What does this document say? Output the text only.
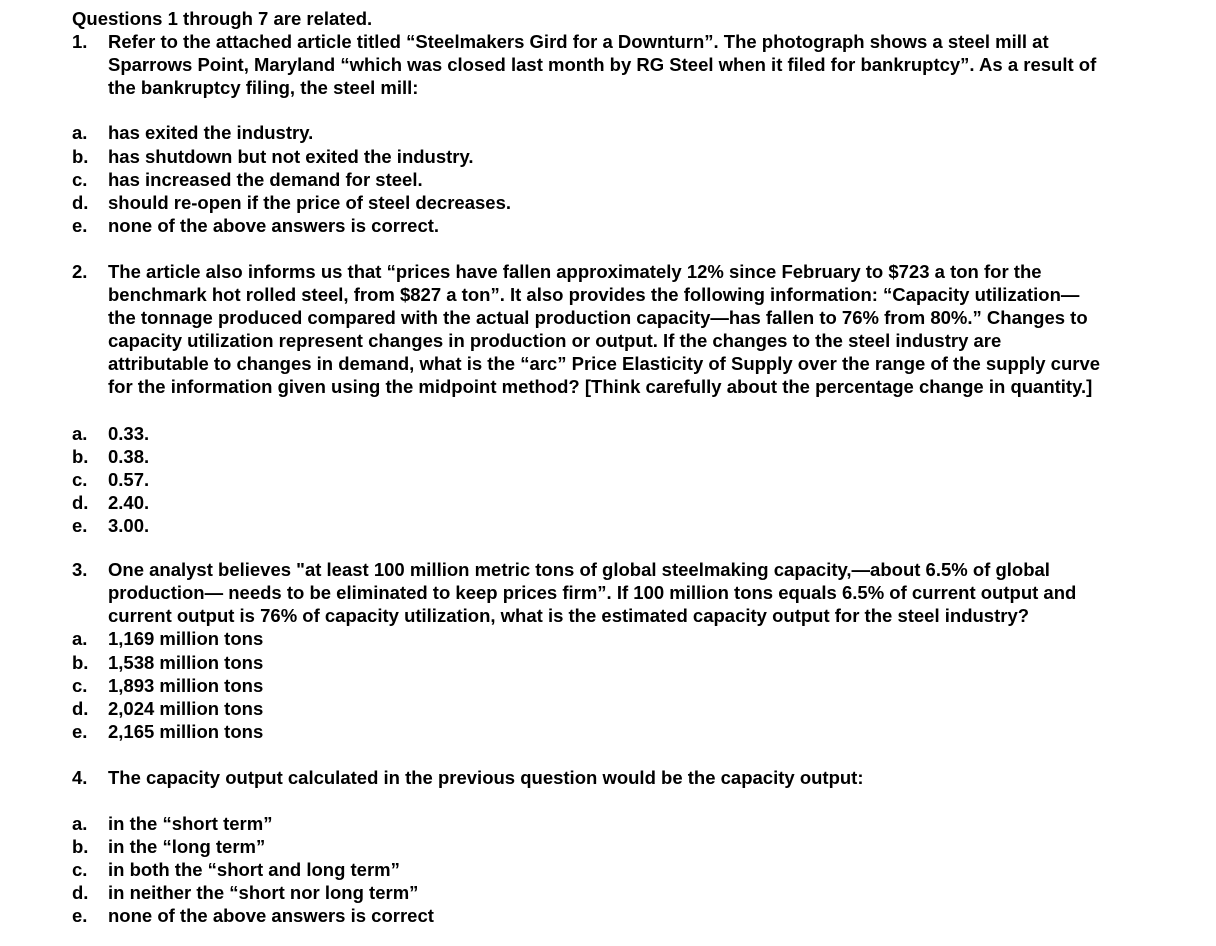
Questions 1 through 7 are related.

1. Refer to the attached article titled “Steelmakers Gird for a Downturn”. The photograph shows a steel mill at

Sparrows Point, Maryland “which was closed last month by RG Steel when it filed for bankruptcy”. As a result of

the bankruptcy filing, the steel mill:

a. has exited the industry.

b. has shutdown but not exited the industry.

c. has increased the demand for steel.

d. should re-open if the price of steel decreases.

e. none of the above answers is correct.

2. The article also informs us that “prices have fallen approximately 12% since February to $723 a ton for the

benchmark hot rolled steel, from $827 a ton”. It also provides the following information: “Capacity utilization—

the tonnage produced compared with the actual production capacity—has fallen to 76% from 80%.” Changes to

capacity utilization represent changes in production or output. If the changes to the steel industry are

attributable to changes in demand, what is the “arc” Price Elasticity of Supply over the range of the supply curve

for the information given using the midpoint method? [Think carefully about the percentage change in quantity.]

a. 0.33.

b. 0.38.

c. 0.57.

d. 2.40.

e. 3.00.

3. One analyst believes "at least 100 million metric tons of global steelmaking capacity,—about 6.5% of global

production— needs to be eliminated to keep prices firm”. If 100 million tons equals 6.5% of current output and

current output is 76% of capacity utilization, what is the estimated capacity output for the steel industry?

a. 1,169 million tons

b. 1,538 million tons

c. 1,893 million tons

d. 2,024 million tons

e. 2,165 million tons

4. The capacity output calculated in the previous question would be the capacity output:

a. in the “short term”

b. in the “long term”

c. in both the “short and long term”

d. in neither the “short nor long term”

e. none of the above answers is correct
